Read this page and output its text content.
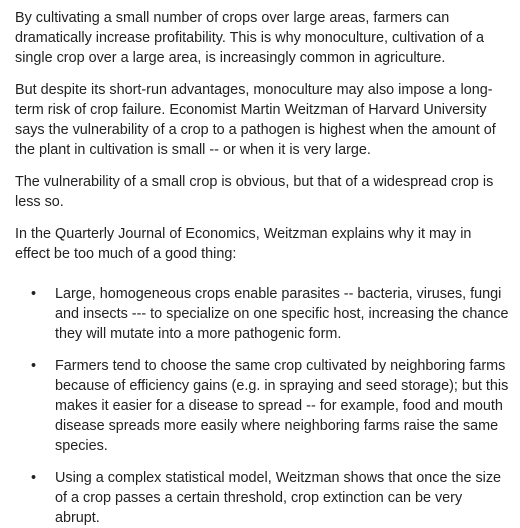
By cultivating a small number of crops over large areas, farmers can dramatically increase profitability. This is why monoculture, cultivation of a single crop over a large area, is increasingly common in agriculture.

But despite its short-run advantages, monoculture may also impose a long-term risk of crop failure. Economist Martin Weitzman of Harvard University says the vulnerability of a crop to a pathogen is highest when the amount of the plant in cultivation is small -- or when it is very large.

The vulnerability of a small crop is obvious, but that of a widespread crop is less so.

In the Quarterly Journal of Economics, Weitzman explains why it may in effect be too much of a good thing:

• Large, homogeneous crops enable parasites -- bacteria, viruses, fungi and insects --- to specialize on one specific host, increasing the chance they will mutate into a more pathogenic form.
• Farmers tend to choose the same crop cultivated by neighboring farms because of efficiency gains (e.g. in spraying and seed storage); but this makes it easier for a disease to spread -- for example, food and mouth disease spreads more easily where neighboring farms raise the same species.
• Using a complex statistical model, Weitzman shows that once the size of a crop passes a certain threshold, crop extinction can be very abrupt.
